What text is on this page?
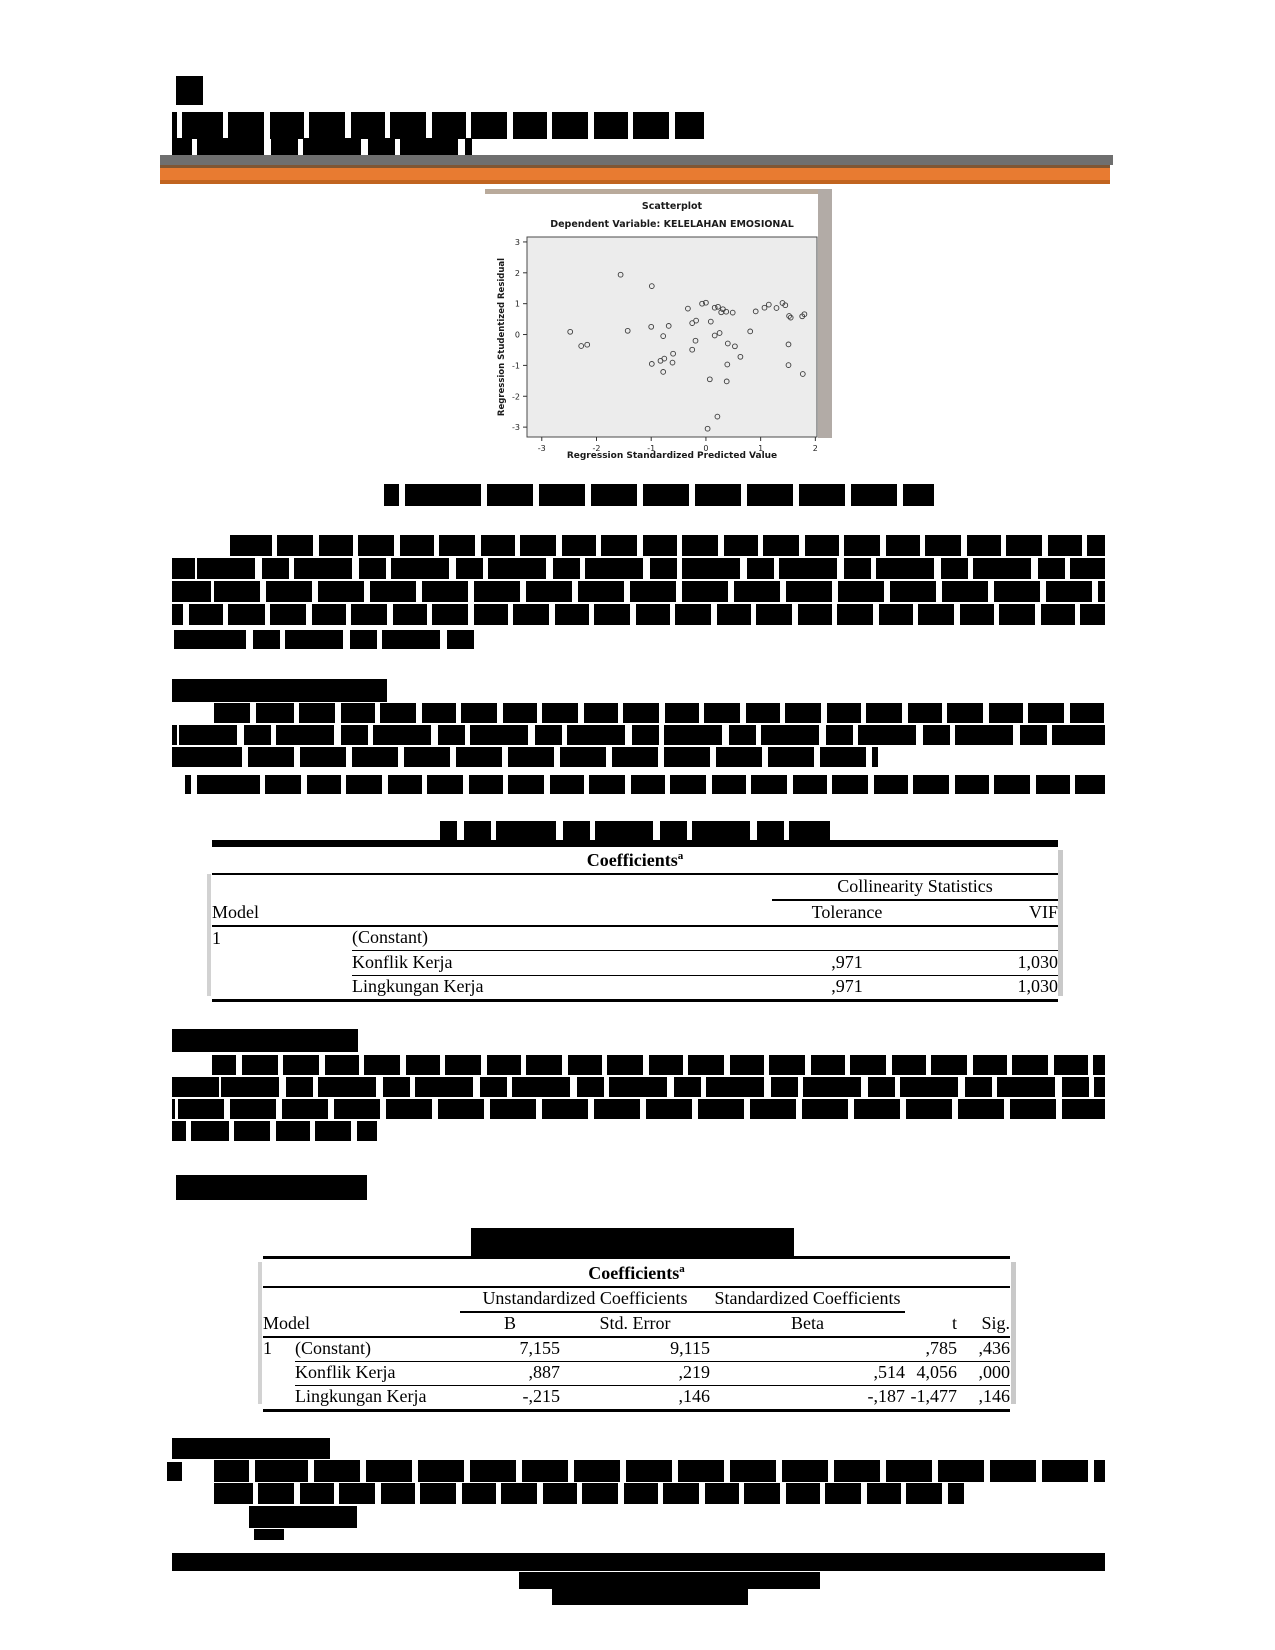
Scatterplot
Dependent Variable: KELELAHAN EMOSIONAL
Regression Studentized Residual
-3	-2	-1	0	1	2
3
2
1
0
-1
-2
-3
Regression Standardized Predicted Value
Coefficients$^a$
		Collinearity Statistics	
Model		Tolerance	VIF
1	(Constant)		
	Konflik Kerja	,971	1,030
	Lingkungan Kerja	,971	1,030
Coefficients$^a$
		Unstandardized Coefficients		Standardized Coefficients		
Model		B	Std. Error	Beta	t	Sig.
1	(Constant)	7,155	9,115		,785	,436
	Konflik Kerja	,887	,219	,514	4,056	,000
	Lingkungan Kerja	-,215	,146	-,187	-1,477	,146
